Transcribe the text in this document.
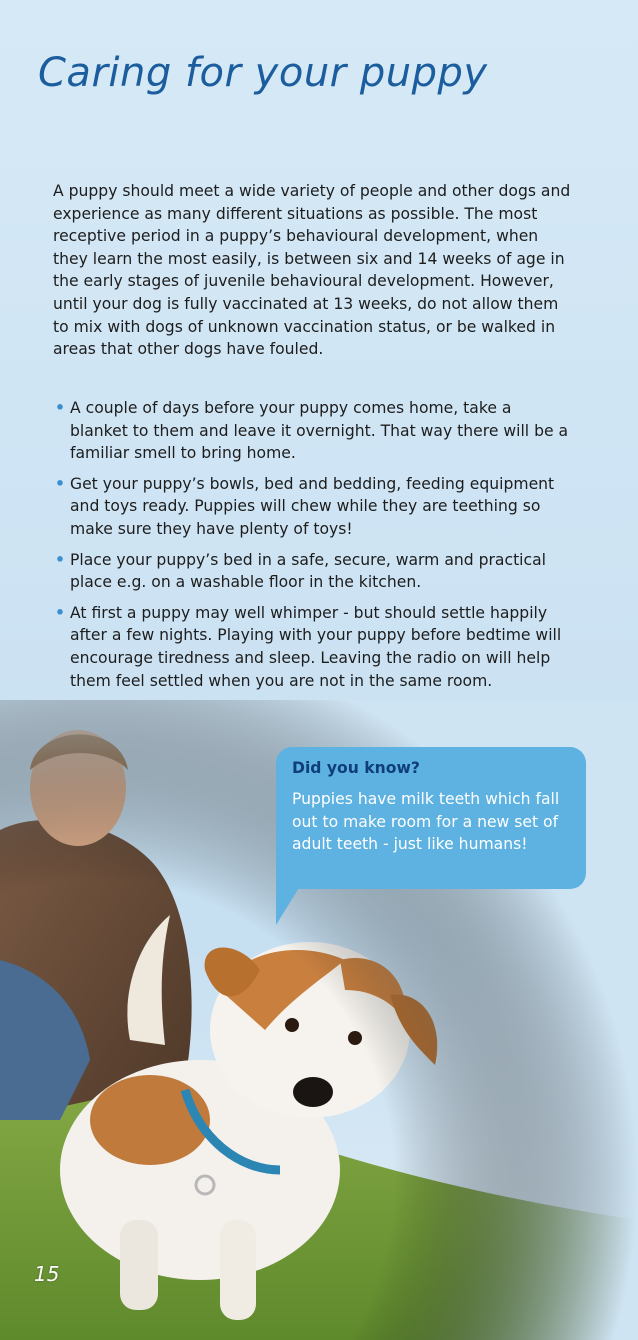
Caring for your puppy

A puppy should meet a wide variety of people and other dogs and experience as many different situations as possible. The most receptive period in a puppy’s behavioural development, when they learn the most easily, is between six and 14 weeks of age in the early stages of juvenile behavioural development. However, until your dog is fully vaccinated at 13 weeks, do not allow them to mix with dogs of unknown vaccination status, or be walked in areas that other dogs have fouled.

• A couple of days before your puppy comes home, take a blanket to them and leave it overnight. That way there will be a familiar smell to bring home.
• Get your puppy’s bowls, bed and bedding, feeding equipment and toys ready. Puppies will chew while they are teething so make sure they have plenty of toys!
• Place your puppy’s bed in a safe, secure, warm and practical place e.g. on a washable floor in the kitchen.
• At first a puppy may well whimper - but should settle happily after a few nights. Playing with your puppy before bedtime will encourage tiredness and sleep. Leaving the radio on will help them feel settled when you are not in the same room.

Did you know?

Puppies have milk teeth which fall out to make room for a new set of adult teeth - just like humans!

15
